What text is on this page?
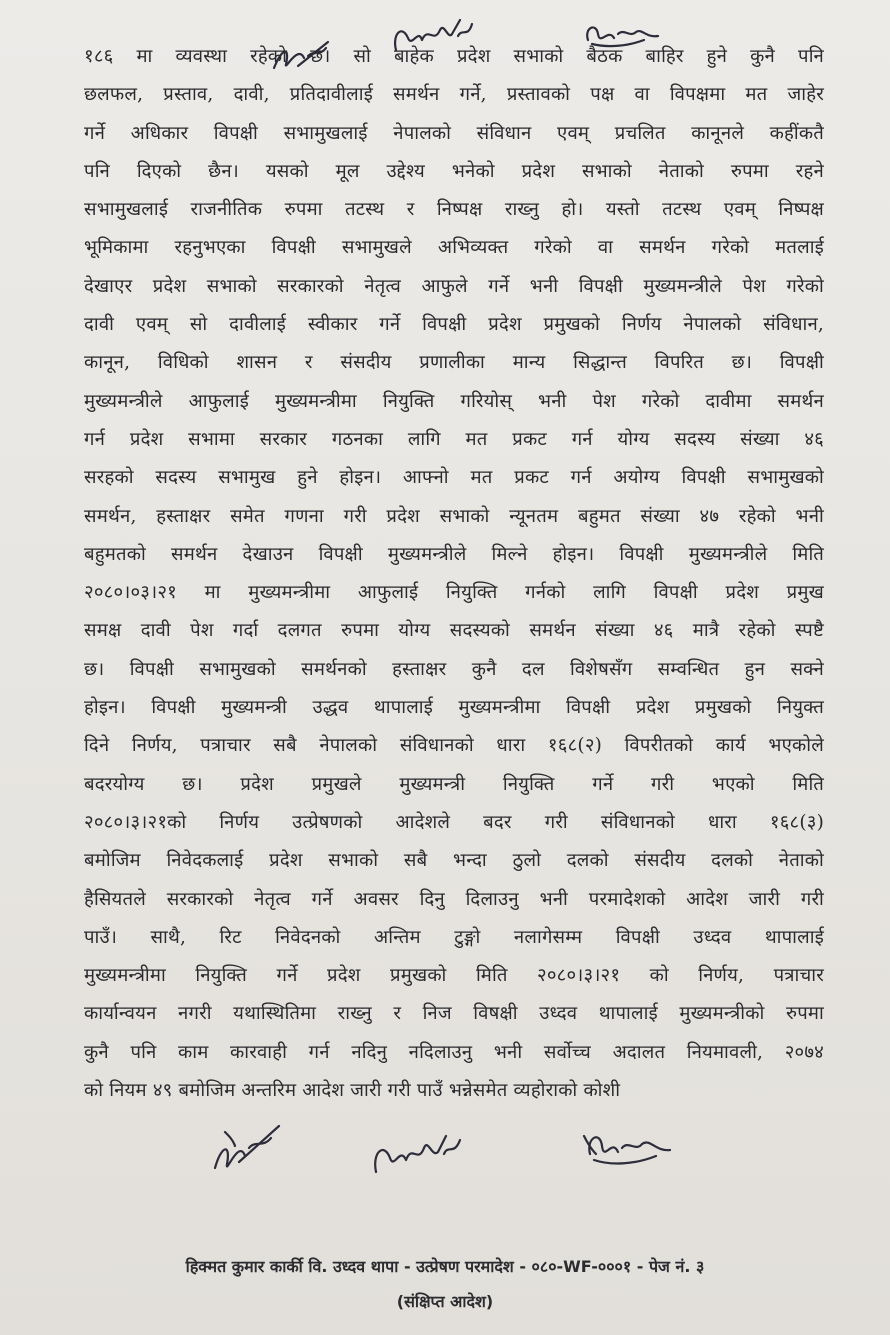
१८६ मा व्यवस्था रहेको छ। सो बाहेक प्रदेश सभाको बैठक बाहिर हुने कुनै पनि
छलफल, प्रस्ताव, दावी, प्रतिदावीलाई समर्थन गर्ने, प्रस्तावको पक्ष वा विपक्षमा मत जाहेर
गर्ने अधिकार विपक्षी सभामुखलाई नेपालको संविधान एवम् प्रचलित कानूनले कहींकतै
पनि दिएको छैन। यसको मूल उद्देश्य भनेको प्रदेश सभाको नेताको रुपमा रहने
सभामुखलाई राजनीतिक रुपमा तटस्थ र निष्पक्ष राख्नु हो। यस्तो तटस्थ एवम् निष्पक्ष
भूमिकामा रहनुभएका विपक्षी सभामुखले अभिव्यक्त गरेको वा समर्थन गरेको मतलाई
देखाएर प्रदेश सभाको सरकारको नेतृत्व आफुले गर्ने भनी विपक्षी मुख्यमन्त्रीले पेश गरेको
दावी एवम् सो दावीलाई स्वीकार गर्ने विपक्षी प्रदेश प्रमुखको निर्णय नेपालको संविधान,
कानून, विधिको शासन र संसदीय प्रणालीका मान्य सिद्धान्त विपरित छ। विपक्षी
मुख्यमन्त्रीले आफुलाई मुख्यमन्त्रीमा नियुक्ति गरियोस् भनी पेश गरेको दावीमा समर्थन
गर्न प्रदेश सभामा सरकार गठनका लागि मत प्रकट गर्न योग्य सदस्य संख्या ४६
सरहको सदस्य सभामुख हुने होइन। आफ्नो मत प्रकट गर्न अयोग्य विपक्षी सभामुखको
समर्थन, हस्ताक्षर समेत गणना गरी प्रदेश सभाको न्यूनतम बहुमत संख्या ४७ रहेको भनी
बहुमतको समर्थन देखाउन विपक्षी मुख्यमन्त्रीले मिल्ने होइन। विपक्षी मुख्यमन्त्रीले मिति
२०८०।०३।२१ मा मुख्यमन्त्रीमा आफुलाई नियुक्ति गर्नको लागि विपक्षी प्रदेश प्रमुख
समक्ष दावी पेश गर्दा दलगत रुपमा योग्य सदस्यको समर्थन संख्या ४६ मात्रै रहेको स्पष्टै
छ। विपक्षी सभामुखको समर्थनको हस्ताक्षर कुनै दल विशेषसँग सम्वन्धित हुन सक्ने
होइन। विपक्षी मुख्यमन्त्री उद्धव थापालाई मुख्यमन्त्रीमा विपक्षी प्रदेश प्रमुखको नियुक्त
दिने निर्णय, पत्राचार सबै नेपालको संविधानको धारा १६८(२) विपरीतको कार्य भएकोले
बदरयोग्य छ। प्रदेश प्रमुखले मुख्यमन्त्री नियुक्ति गर्ने गरी भएको मिति
२०८०।३।२१को निर्णय उत्प्रेषणको आदेशले बदर गरी संविधानको धारा १६८(३)
बमोजिम निवेदकलाई प्रदेश सभाको सबै भन्दा ठुलो दलको संसदीय दलको नेताको
हैसियतले सरकारको नेतृत्व गर्ने अवसर दिनु दिलाउनु भनी परमादेशको आदेश जारी गरी
पाउँ। साथै, रिट निवेदनको अन्तिम टुङ्गो नलागेसम्म विपक्षी उध्दव थापालाई
मुख्यमन्त्रीमा नियुक्ति गर्ने प्रदेश प्रमुखको मिति २०८०।३।२१ को निर्णय, पत्राचार
कार्यान्वयन नगरी यथास्थितिमा राख्नु र निज विषक्षी उध्दव थापालाई मुख्यमन्त्रीको रुपमा
कुनै पनि काम कारवाही गर्न नदिनु नदिलाउनु भनी सर्वोच्च अदालत नियमावली, २०७४
को नियम ४९ बमोजिम अन्तरिम आदेश जारी गरी पाउँ भन्नेसमेत व्यहोराको कोशी
हिक्मत कुमार कार्की वि. उध्दव थापा - उत्प्रेषण परमादेश - ०८०-WF-०००१ - पेज नं. ३
(संक्षिप्त आदेश)
